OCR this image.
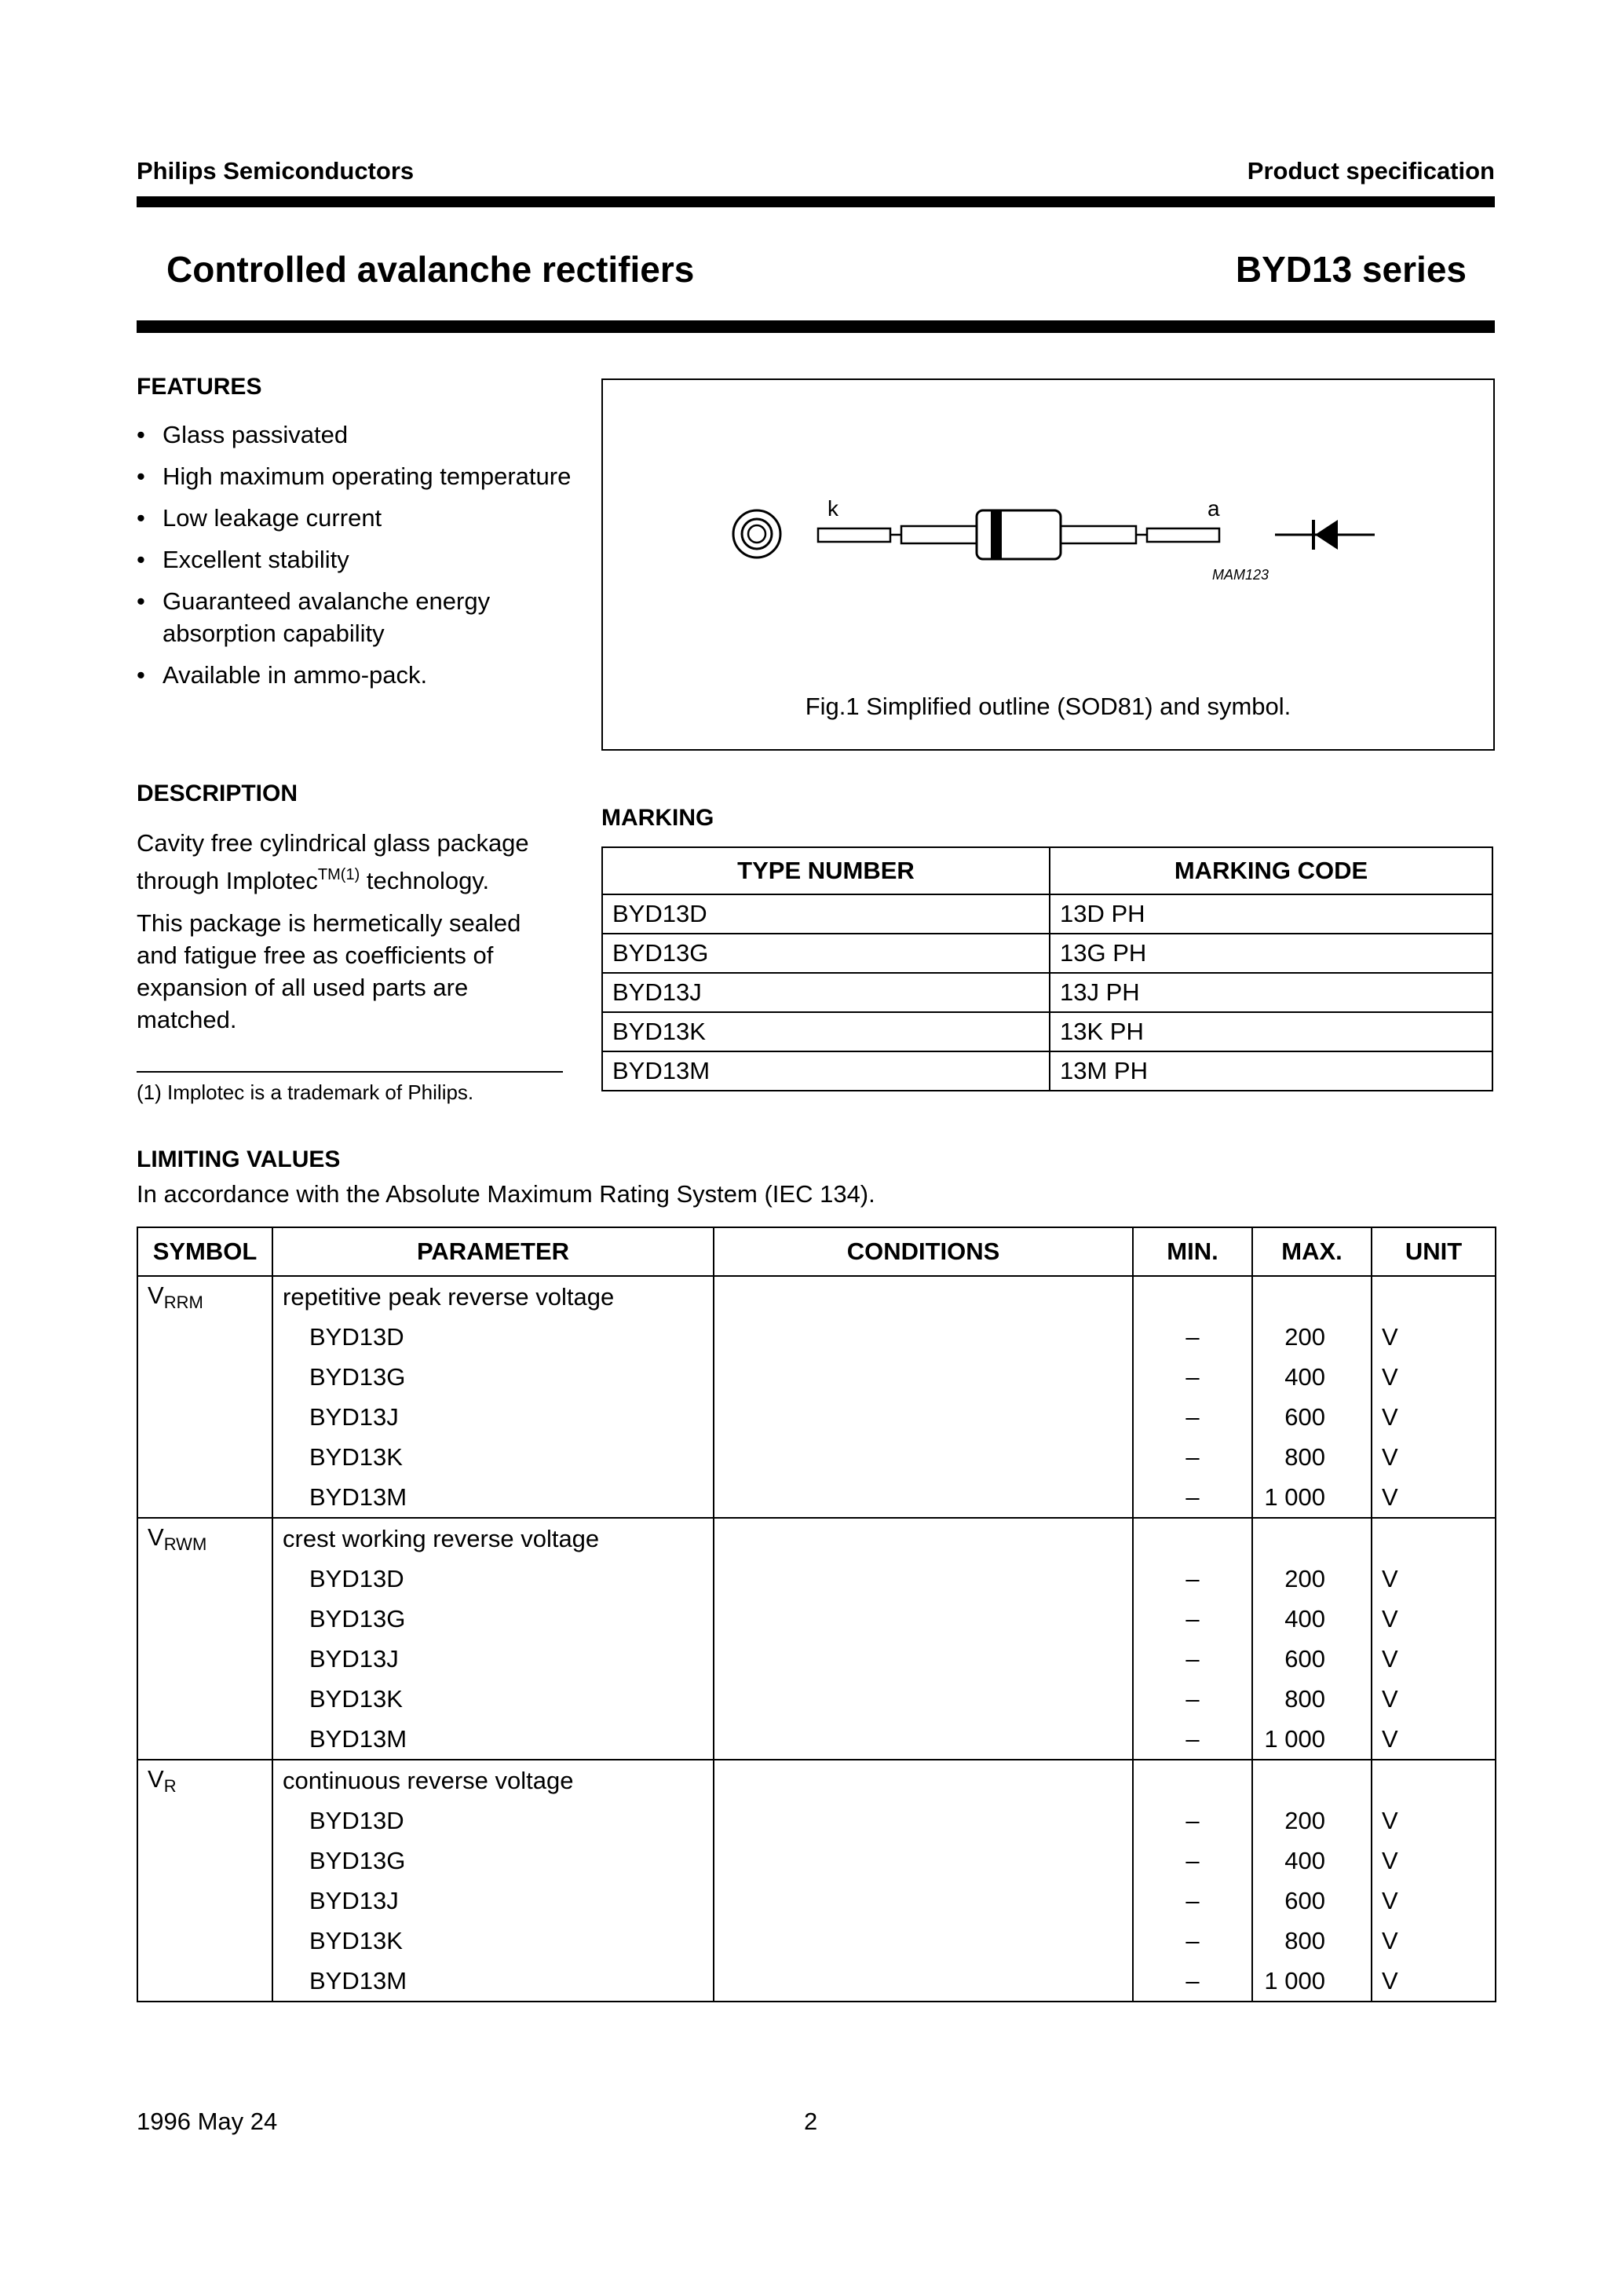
Philips Semiconductors	Product specification
Controlled avalanche rectifiers	BYD13 series
FEATURES
• Glass passivated
• High maximum operating temperature
• Low leakage current
• Excellent stability
• Guaranteed avalanche energy absorption capability
• Available in ammo-pack.
k	a
MAM123
Fig.1 Simplified outline (SOD81) and symbol.
DESCRIPTION
Cavity free cylindrical glass package through Implotec$^{TM(1)}$ technology.
This package is hermetically sealed and fatigue free as coefficients of expansion of all used parts are matched.
(1) Implotec is a trademark of Philips.
MARKING
TYPE NUMBER	MARKING CODE
BYD13D	13D PH
BYD13G	13G PH
BYD13J	13J PH
BYD13K	13K PH
BYD13M	13M PH
LIMITING VALUES
In accordance with the Absolute Maximum Rating System (IEC 134).
SYMBOL	PARAMETER	CONDITIONS	MIN.	MAX.	UNIT
$V_{RRM}$	repetitive peak reverse voltage				
	BYD13D		–	200	V
	BYD13G		–	400	V
	BYD13J		–	600	V
	BYD13K		–	800	V
	BYD13M		–	1 000	V
$V_{RWM}$	crest working reverse voltage				
	BYD13D		–	200	V
	BYD13G		–	400	V
	BYD13J		–	600	V
	BYD13K		–	800	V
	BYD13M		–	1 000	V
$V_R$	continuous reverse voltage				
	BYD13D		–	200	V
	BYD13G		–	400	V
	BYD13J		–	600	V
	BYD13K		–	800	V
	BYD13M		–	1 000	V
1996 May 24	2
